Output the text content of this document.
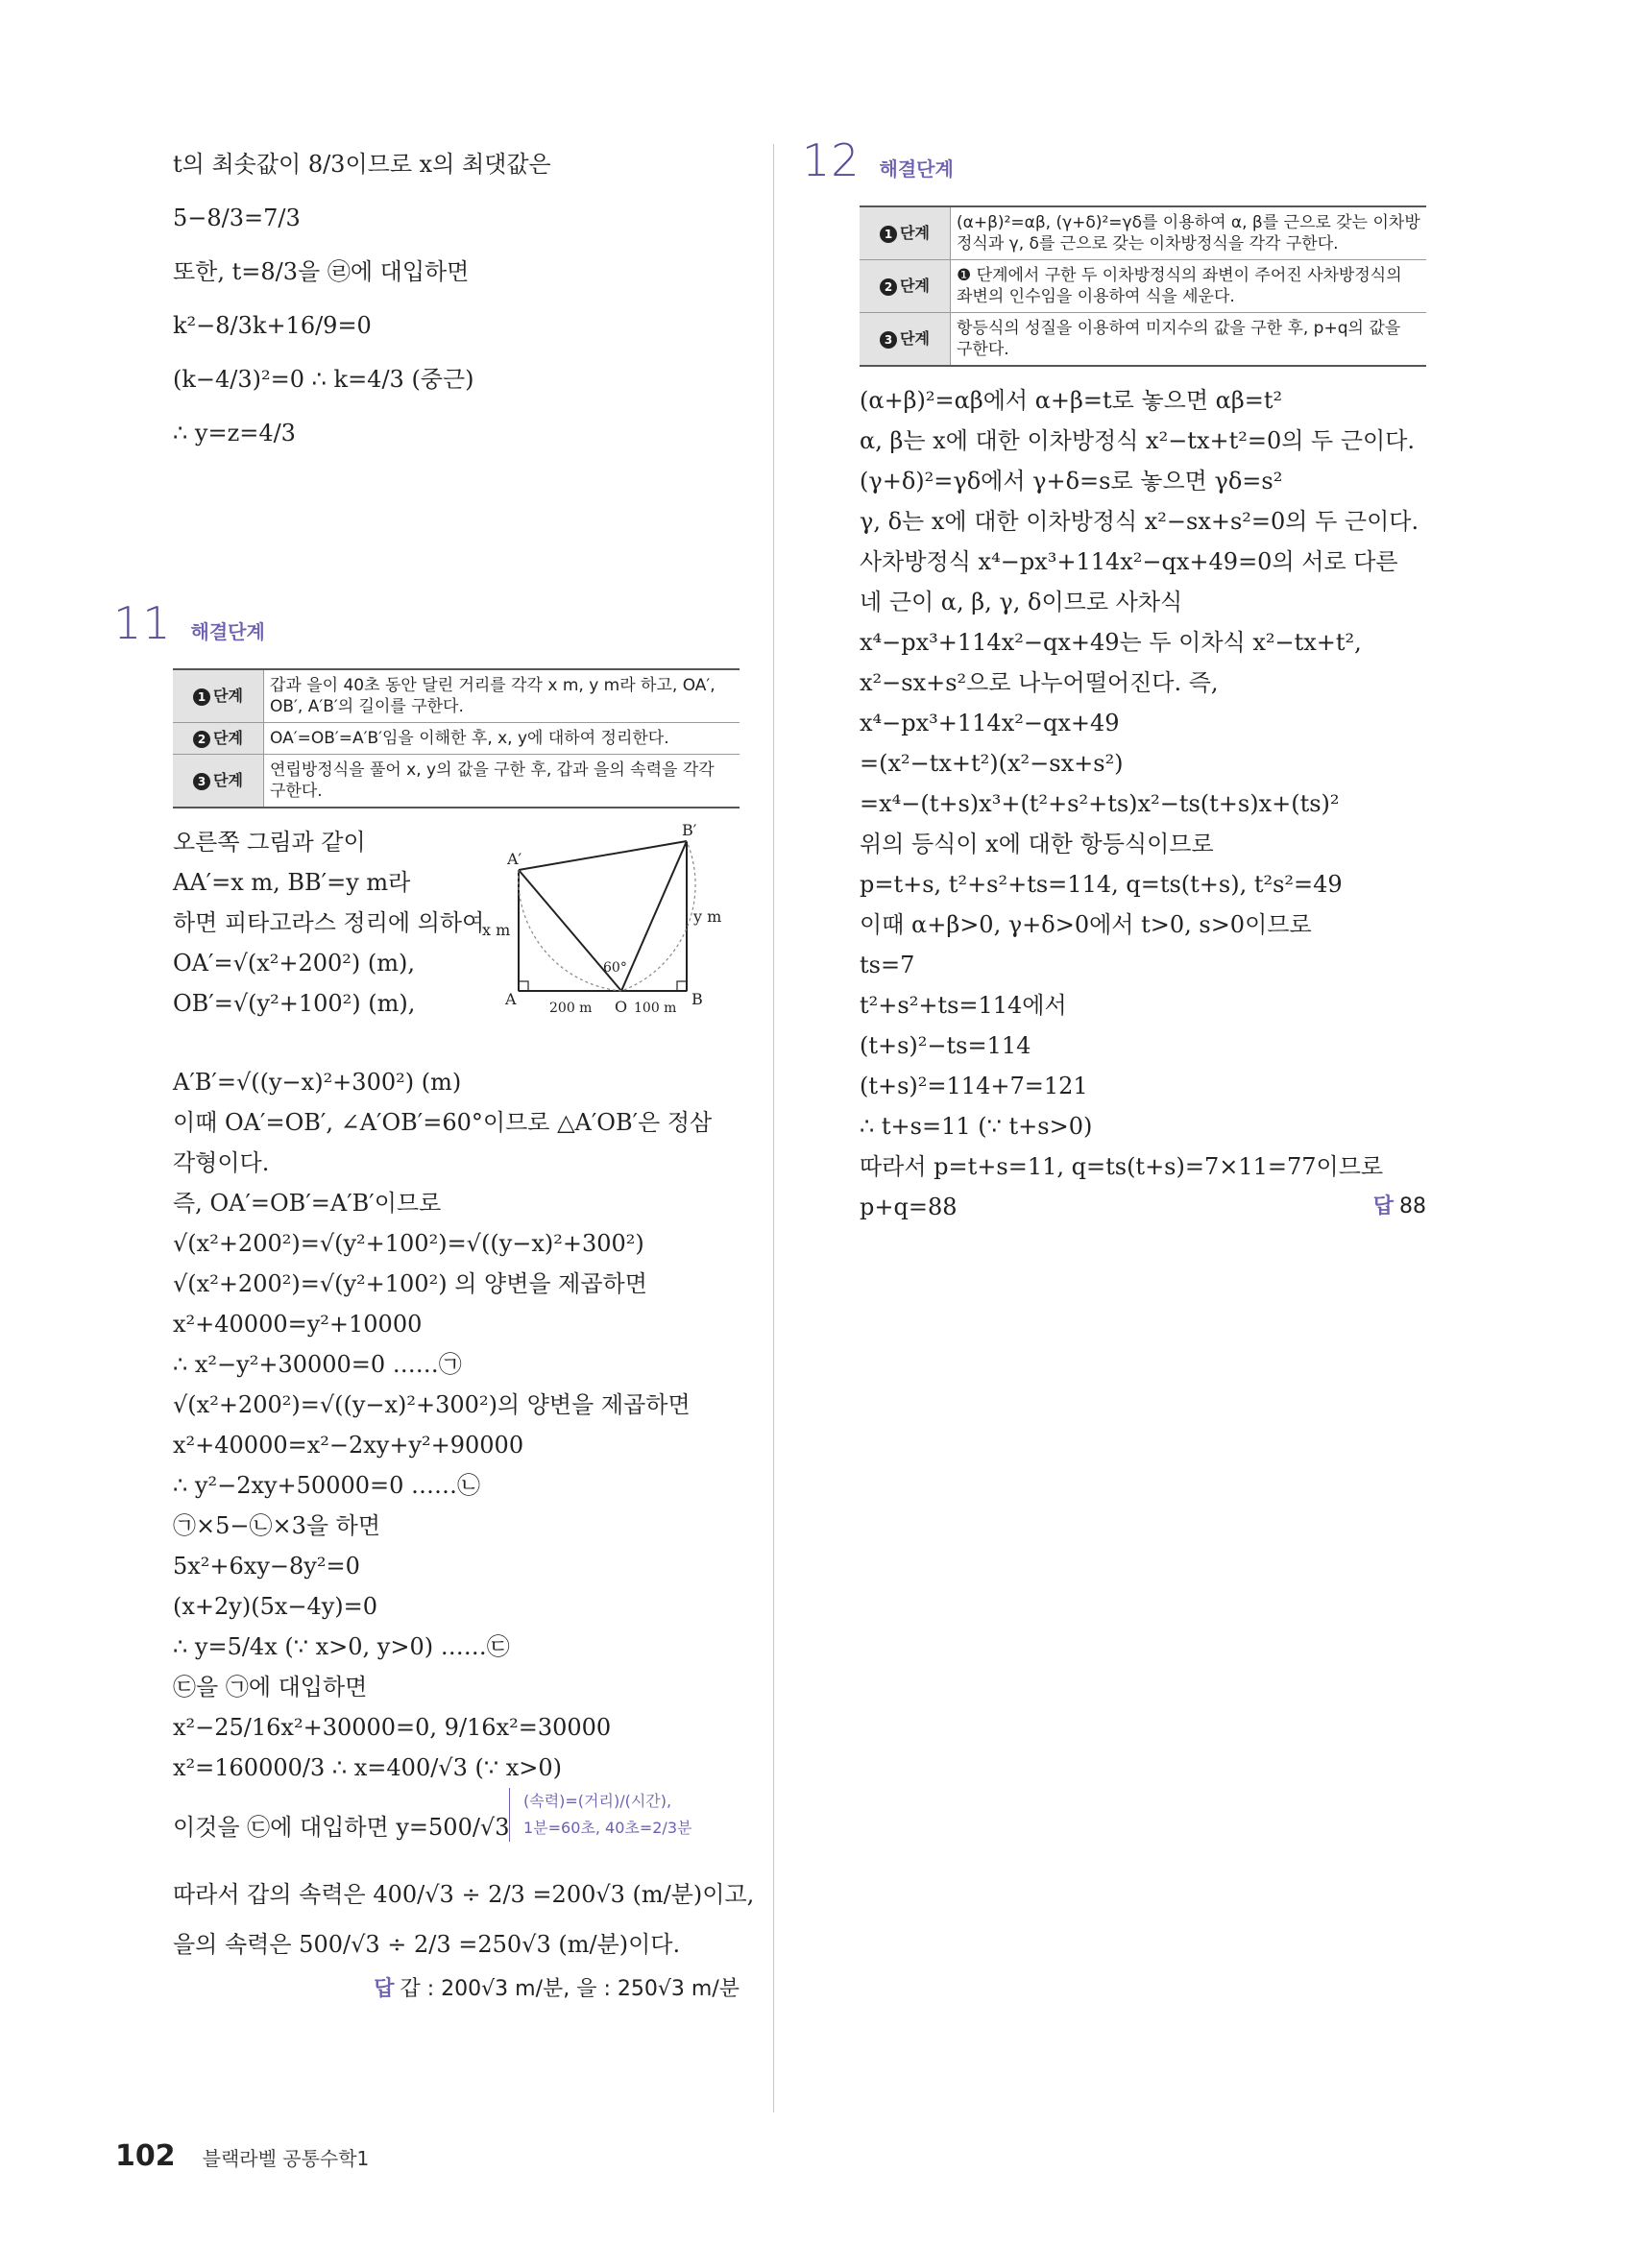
t의 최솟값이 8/3이므로 x의 최댓값은
5−8/3=7/3
또한, t=8/3을 ㉣에 대입하면
k²−8/3k+16/9=0
(k−4/3)²=0 ∴ k=4/3 (중근)
∴ y=z=4/3
11 해결단계
1 단계	갑과 을이 40초 동안 달린 거리를 각각 x m, y m라 하고, OA′, OB′, A′B′의 길이를 구한다.
2 단계	OA′=OB′=A′B′임을 이해한 후, x, y에 대하여 정리한다.
3 단계	연립방정식을 풀어 x, y의 값을 구한 후, 갑과 을의 속력을 각각 구한다.
오른쪽 그림과 같이
AA′=x m, BB′=y m라
하면 피타고라스 정리에 의하여
OA′=√(x²+200²) (m),
OB′=√(y²+100²) (m),
A′
B′
A	B
O
x m
y m
200 m	100 m
60°
A′B′=√((y−x)²+300²) (m)
이때 OA′=OB′, ∠A′OB′=60°이므로 △A′OB′은 정삼
각형이다.
즉, OA′=OB′=A′B′이므로
√(x²+200²)=√(y²+100²)=√((y−x)²+300²)
√(x²+200²)=√(y²+100²) 의 양변을 제곱하면
x²+40000=y²+10000
∴ x²−y²+30000=0 ……㉠
√(x²+200²)=√((y−x)²+300²)의 양변을 제곱하면
x²+40000=x²−2xy+y²+90000
∴ y²−2xy+50000=0 ……㉡
㉠×5−㉡×3을 하면
5x²+6xy−8y²=0
(x+2y)(5x−4y)=0
∴ y=5/4x (∵ x>0, y>0) ……㉢
㉢을 ㉠에 대입하면
x²−25/16x²+30000=0, 9/16x²=30000
x²=160000/3 ∴ x=400/√3 (∵ x>0)
이것을 ㉢에 대입하면 y=500/√3
(속력)=(거리)/(시간),
1분=60초, 40초=2/3분
따라서 갑의 속력은 400/√3 ÷ 2/3 =200√3 (m/분)이고,
을의 속력은 500/√3 ÷ 2/3 =250√3 (m/분)이다.
답 갑 : 200√3 m/분, 을 : 250√3 m/분
12 해결단계
1 단계	(α+β)²=αβ, (γ+δ)²=γδ를 이용하여 α, β를 근으로 갖는 이차방정식과 γ, δ를 근으로 갖는 이차방정식을 각각 구한다.
2 단계	❶ 단계에서 구한 두 이차방정식의 좌변이 주어진 사차방정식의 좌변의 인수임을 이용하여 식을 세운다.
3 단계	항등식의 성질을 이용하여 미지수의 값을 구한 후, p+q의 값을 구한다.
(α+β)²=αβ에서 α+β=t로 놓으면 αβ=t²
α, β는 x에 대한 이차방정식 x²−tx+t²=0의 두 근이다.
(γ+δ)²=γδ에서 γ+δ=s로 놓으면 γδ=s²
γ, δ는 x에 대한 이차방정식 x²−sx+s²=0의 두 근이다.
사차방정식 x⁴−px³+114x²−qx+49=0의 서로 다른
네 근이 α, β, γ, δ이므로 사차식
x⁴−px³+114x²−qx+49는 두 이차식 x²−tx+t²,
x²−sx+s²으로 나누어떨어진다. 즉,
x⁴−px³+114x²−qx+49
=(x²−tx+t²)(x²−sx+s²)
=x⁴−(t+s)x³+(t²+s²+ts)x²−ts(t+s)x+(ts)²
위의 등식이 x에 대한 항등식이므로
p=t+s, t²+s²+ts=114, q=ts(t+s), t²s²=49
이때 α+β>0, γ+δ>0에서 t>0, s>0이므로
ts=7
t²+s²+ts=114에서
(t+s)²−ts=114
(t+s)²=114+7=121
∴ t+s=11 (∵ t+s>0)
따라서 p=t+s=11, q=ts(t+s)=7×11=77이므로
p+q=88	답 88
102 블랙라벨 공통수학1
